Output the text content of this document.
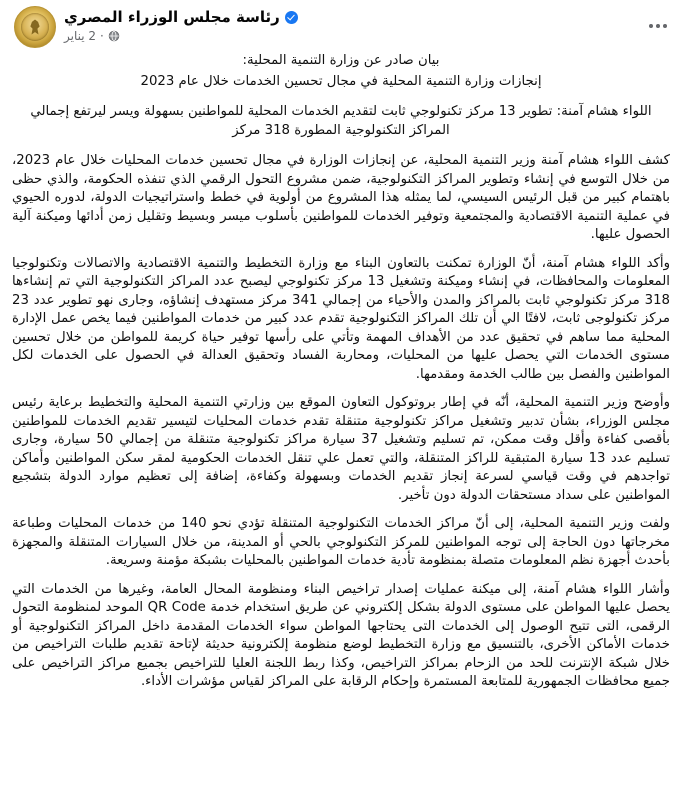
رئاسة مجلس الوزراء المصري
2 يناير ·

بيان صادر عن وزارة التنمية المحلية:

إنجازات وزارة التنمية المحلية في مجال تحسين الخدمات خلال عام 2023

اللواء هشام آمنة: تطوير 13 مركز تكنولوجي ثابت لتقديم الخدمات المحلية للمواطنين بسهولة ويسر ليرتفع إجمالي المراكز التكنولوجية المطورة 318 مركز

كشف اللواء هشام آمنة وزير التنمية المحلية، عن إنجازات الوزارة في مجال تحسين خدمات المحليات خلال عام 2023، من خلال التوسع في إنشاء وتطوير المراكز التكنولوجية، ضمن مشروع التحول الرقمي الذي تنفذه الحكومة، والذي حظى باهتمام كبير من قبل الرئيس السيسي، لما يمثله هذا المشروع من أولوية في خطط واستراتيجيات الدولة، لدوره الحيوي في عملية التنمية الاقتصادية والمجتمعية وتوفير الخدمات للمواطنين بأسلوب ميسر وبسيط وتقليل زمن أدائها وميكنة آلية الحصول عليها.

وأكد اللواء هشام آمنة، أنّ الوزارة تمكنت بالتعاون البناء مع وزارة التخطيط والتنمية الاقتصادية والاتصالات وتكنولوجيا المعلومات والمحافظات، في إنشاء وميكنة وتشغيل 13 مركز تكنولوجي ليصبح عدد المراكز التكنولوجية التي تم إنشاءها 318 مركز تكنولوجي ثابت بالمراكز والمدن والأحياء من إجمالي 341 مركز مستهدف إنشاؤه، وجارى نهو تطوير عدد 23 مركز تكنولوجى ثابت، لافتًا الي أن تلك المراكز التكنولوجية تقدم عدد كبير من خدمات المواطنين فيما يخص عمل الإدارة المحلية مما ساهم في تحقيق عدد من الأهداف المهمة وتأتي على رأسها توفير حياة كريمة للمواطن من خلال تحسين مستوى الخدمات التي يحصل عليها من المحليات، ومحاربة الفساد وتحقيق العدالة في الحصول على الخدمات لكل المواطنين والفصل بين طالب الخدمة ومقدمها.

وأوضح وزير التنمية المحلية، أنّه في إطار بروتوكول التعاون الموقع بين وزارتي التنمية المحلية والتخطيط برعاية رئيس مجلس الوزراء، بشأن تدبير وتشغيل مراكز تكنولوجية متنقلة تقدم خدمات المحليات لتيسير تقديم الخدمات للمواطنين بأقصى كفاءة وأقل وقت ممكن، تم تسليم وتشغيل 37 سيارة مراكز تكنولوجية متنقلة من إجمالي 50 سيارة، وجارى تسليم عدد 13 سيارة المتبقية للراكز المتنقلة، والتي تعمل علي تنقل الخدمات الحكومية لمقر سكن المواطنين وأماكن تواجدهم في وقت قياسي لسرعة إنجاز تقديم الخدمات وبسهولة وكفاءة، إضافة إلى تعظيم موارد الدولة بتشجيع المواطنين على سداد مستحقات الدولة دون تأخير.

ولفت وزير التنمية المحلية، إلى أنّ مراكز الخدمات التكنولوجية المتنقلة تؤدي نحو 140 من خدمات المحليات وطباعة مخرجاتها دون الحاجة إلى توجه المواطنين للمركز التكنولوجي بالحي أو المدينة، من خلال السيارات المتنقلة والمجهزة بأحدث أجهزة نظم المعلومات متصلة بمنظومة تأدية خدمات المواطنين بالمحليات بشبكة مؤمنة وسريعة.

وأشار اللواء هشام آمنة، إلى ميكنة عمليات إصدار تراخيص البناء ومنظومة المحال العامة، وغيرها من الخدمات التي يحصل عليها المواطن على مستوى الدولة بشكل إلكتروني عن طريق استخدام خدمة QR Code الموحد لمنظومة التحول الرقمى، التى تتيح الوصول إلى الخدمات التى يحتاجها المواطن سواء الخدمات المقدمة داخل المراكز التكنولوجية أو خدمات الأماكن الأخرى، بالتنسيق مع وزارة التخطيط لوضع منظومة إلكترونية حديثة لإتاحة تقديم طلبات التراخيص من خلال شبكة الإنترنت للحد من الزحام بمراكز التراخيص، وكذا ربط اللجنة العليا للتراخيص بجميع مراكز التراخيص على جميع محافظات الجمهورية للمتابعة المستمرة وإحكام الرقابة على المراكز لقياس مؤشرات الأداء.
